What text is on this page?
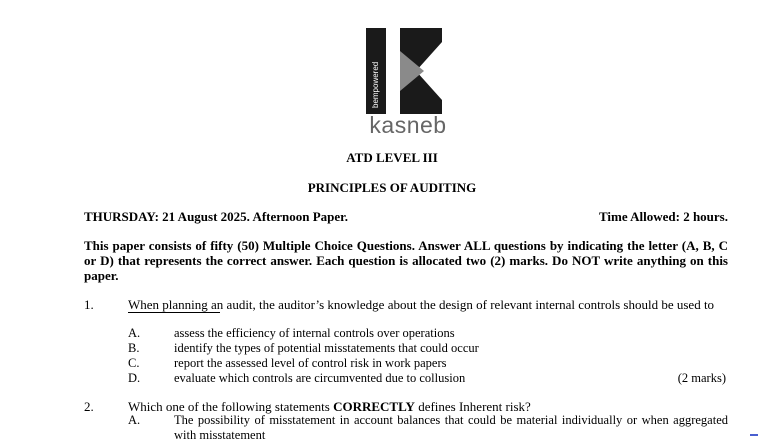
bempowered
kasneb
ATD LEVEL III
PRINCIPLES OF AUDITING
THURSDAY: 21 August 2025. Afternoon Paper.	Time Allowed: 2 hours.
This paper consists of fifty (50) Multiple Choice Questions. Answer ALL questions by indicating the letter (A, B, C or D) that represents the correct answer. Each question is allocated two (2) marks. Do NOT write anything on this paper.
1.	When planning an audit, the auditor’s knowledge about the design of relevant internal controls should be used to
A.	assess the efficiency of internal controls over operations
B.	identify the types of potential misstatements that could occur
C.	report the assessed level of control risk in work papers
D.	evaluate which controls are circumvented due to collusion	(2 marks)
2.	Which one of the following statements CORRECTLY defines Inherent risk?
A.	The possibility of misstatement in account balances that could be material individually or when aggregated with misstatement
